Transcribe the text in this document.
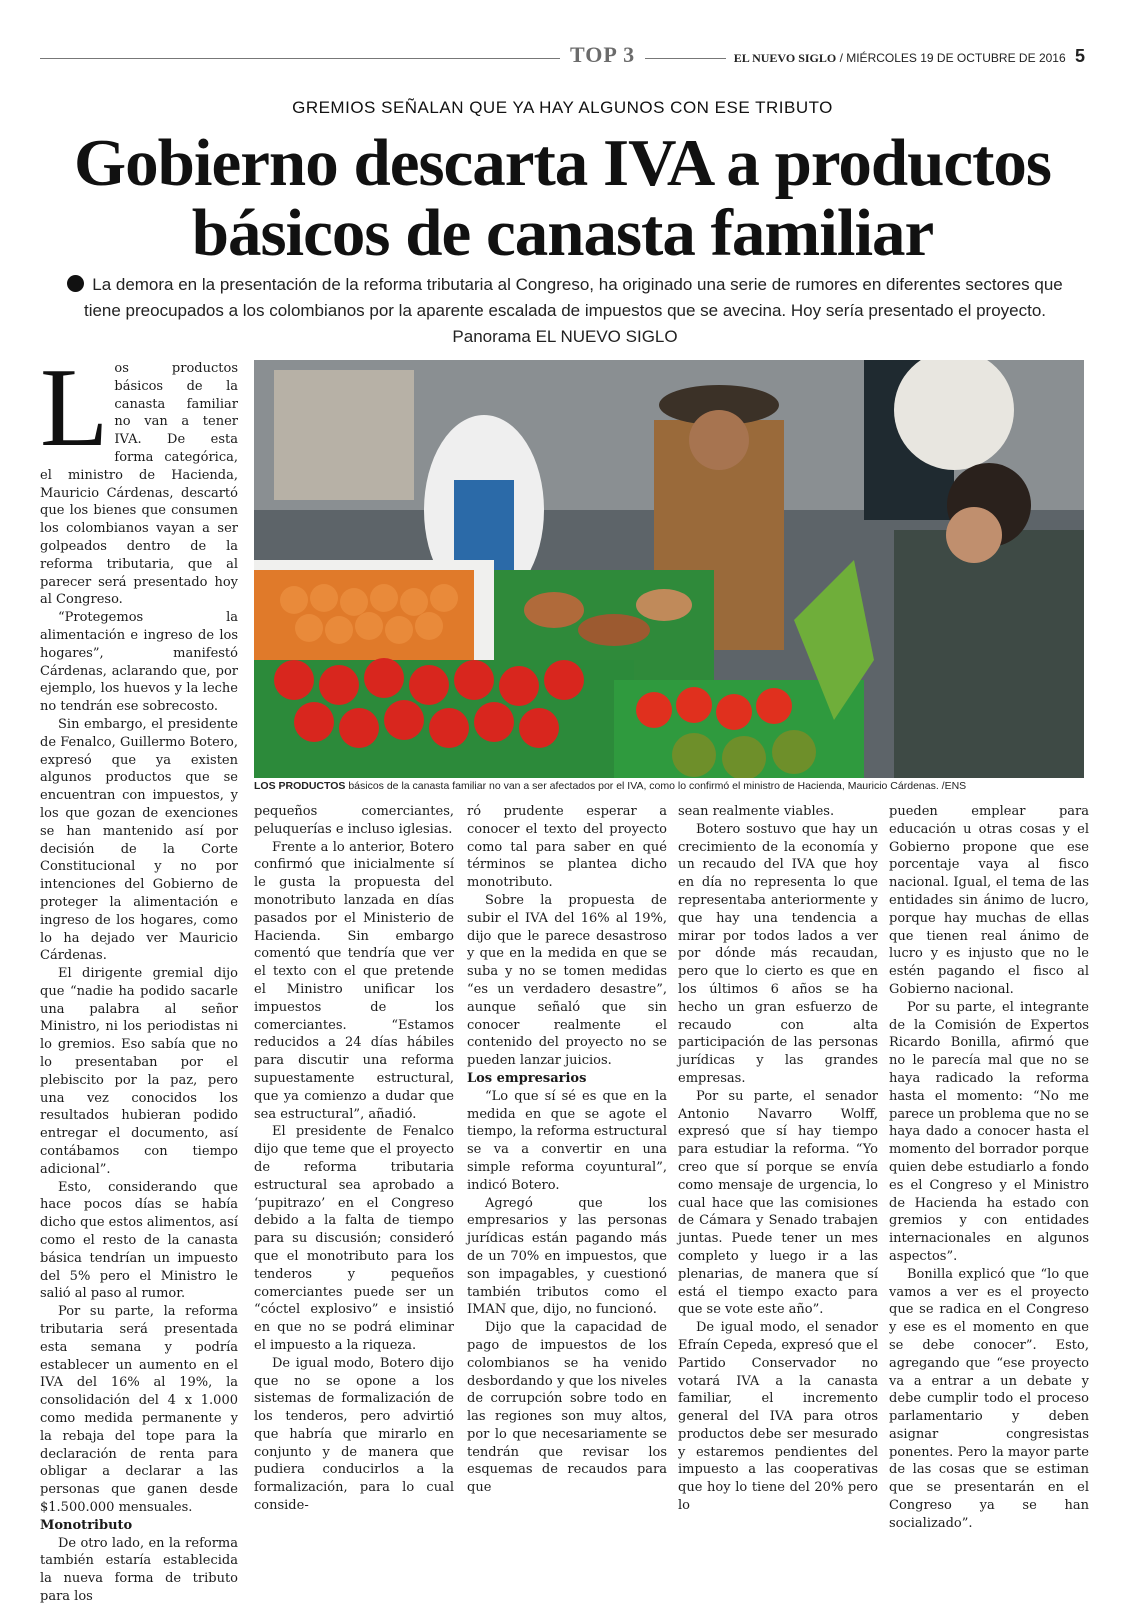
TOP 3	EL NUEVO SIGLO / MIÉRCOLES 19 DE OCTUBRE DE 2016 5
GREMIOS SEÑALAN QUE YA HAY ALGUNOS CON ESE TRIBUTO
Gobierno descarta IVA a productos
básicos de canasta familiar
La demora en la presentación de la reforma tributaria al Congreso, ha originado una serie de rumores en diferentes sectores que tiene preocupados a los colombianos por la aparente escalada de impuestos que se avecina. Hoy sería presentado el proyecto. Panorama EL NUEVO SIGLO

Los productos básicos de la canasta familiar no van a tener IVA. De esta forma categórica, el ministro de Hacienda, Mauricio Cárdenas, descartó que los bienes que consumen los colombianos vayan a ser golpeados dentro de la reforma tributaria, que al parecer será presentado hoy al Congreso.

“Protegemos la alimentación e ingreso de los hogares”, manifestó Cárdenas, aclarando que, por ejemplo, los huevos y la leche no tendrán ese sobrecosto.

Sin embargo, el presidente de Fenalco, Guillermo Botero, expresó que ya existen algunos productos que se encuentran con impuestos, y los que gozan de exenciones se han mantenido así por decisión de la Corte Constitucional y no por intenciones del Gobierno de proteger la alimentación e ingreso de los hogares, como lo ha dejado ver Mauricio Cárdenas.

El dirigente gremial dijo que “nadie ha podido sacarle una palabra al señor Ministro, ni los periodistas ni lo gremios. Eso sabía que no lo presentaban por el plebiscito por la paz, pero una vez conocidos los resultados hubieran podido entregar el documento, así contábamos con tiempo adicional”.

Esto, considerando que hace pocos días se había dicho que estos alimentos, así como el resto de la canasta básica tendrían un impuesto del 5% pero el Ministro le salió al paso al rumor.

Por su parte, la reforma tributaria será presentada esta semana y podría establecer un aumento en el IVA del 16% al 19%, la consolidación del 4 x 1.000 como medida permanente y la rebaja del tope para la declaración de renta para obligar a declarar a las personas que ganen desde $1.500.000 mensuales.

Monotributo

De otro lado, en la reforma también estaría establecida la nueva forma de tributo para los

LOS PRODUCTOS básicos de la canasta familiar no van a ser afectados por el IVA, como lo confirmó el ministro de Hacienda, Mauricio Cárdenas. /ENS

pequeños comerciantes, peluquerías e incluso iglesias.

Frente a lo anterior, Botero confirmó que inicialmente sí le gusta la propuesta del monotributo lanzada en días pasados por el Ministerio de Hacienda. Sin embargo comentó que tendría que ver el texto con el que pretende el Ministro unificar los impuestos de los comerciantes. “Estamos reducidos a 24 días hábiles para discutir una reforma supuestamente estructural, que ya comienzo a dudar que sea estructural”, añadió.

El presidente de Fenalco dijo que teme que el proyecto de reforma tributaria estructural sea aprobado a ‘pupitrazo’ en el Congreso debido a la falta de tiempo para su discusión; consideró que el monotributo para los tenderos y pequeños comerciantes puede ser un “cóctel explosivo” e insistió en que no se podrá eliminar el impuesto a la riqueza.

De igual modo, Botero dijo que no se opone a los sistemas de formalización de los tenderos, pero advirtió que habría que mirarlo en conjunto y de manera que pudiera conducirlos a la formalización, para lo cual conside-

ró prudente esperar a conocer el texto del proyecto como tal para saber en qué términos se plantea dicho monotributo.

Sobre la propuesta de subir el IVA del 16% al 19%, dijo que le parece desastroso y que en la medida en que se suba y no se tomen medidas “es un verdadero desastre”, aunque señaló que sin conocer realmente el contenido del proyecto no se pueden lanzar juicios.

Los empresarios

“Lo que sí sé es que en la medida en que se agote el tiempo, la reforma estructural se va a convertir en una simple reforma coyuntural”, indicó Botero.

Agregó que los empresarios y las personas jurídicas están pagando más de un 70% en impuestos, que son impagables, y cuestionó también tributos como el IMAN que, dijo, no funcionó.

Dijo que la capacidad de pago de impuestos de los colombianos se ha venido desbordando y que los niveles de corrupción sobre todo en las regiones son muy altos, por lo que necesariamente se tendrán que revisar los esquemas de recaudos para que

sean realmente viables.

Botero sostuvo que hay un crecimiento de la economía y un recaudo del IVA que hoy en día no representa lo que representaba anteriormente y que hay una tendencia a mirar por todos lados a ver por dónde más recaudan, pero que lo cierto es que en los últimos 6 años se ha hecho un gran esfuerzo de recaudo con alta participación de las personas jurídicas y las grandes empresas.

Por su parte, el senador Antonio Navarro Wolff, expresó que sí hay tiempo para estudiar la reforma. “Yo creo que sí porque se envía como mensaje de urgencia, lo cual hace que las comisiones de Cámara y Senado trabajen juntas. Puede tener un mes completo y luego ir a las plenarias, de manera que sí está el tiempo exacto para que se vote este año”.

De igual modo, el senador Efraín Cepeda, expresó que el Partido Conservador no votará IVA a la canasta familiar, el incremento general del IVA para otros productos debe ser mesurado y estaremos pendientes del impuesto a las cooperativas que hoy lo tiene del 20% pero lo

pueden emplear para educación u otras cosas y el Gobierno propone que ese porcentaje vaya al fisco nacional. Igual, el tema de las entidades sin ánimo de lucro, porque hay muchas de ellas que tienen real ánimo de lucro y es injusto que no le estén pagando el fisco al Gobierno nacional.

Por su parte, el integrante de la Comisión de Expertos Ricardo Bonilla, afirmó que no le parecía mal que no se haya radicado la reforma hasta el momento: “No me parece un problema que no se haya dado a conocer hasta el momento del borrador porque quien debe estudiarlo a fondo es el Congreso y el Ministro de Hacienda ha estado con gremios y con entidades internacionales en algunos aspectos”.

Bonilla explicó que “lo que vamos a ver es el proyecto que se radica en el Congreso y ese es el momento en que se debe conocer”. Esto, agregando que “ese proyecto va a entrar a un debate y debe cumplir todo el proceso parlamentario y deben asignar congresistas ponentes. Pero la mayor parte de las cosas que se estiman que se presentarán en el Congreso ya se han socializado”.
